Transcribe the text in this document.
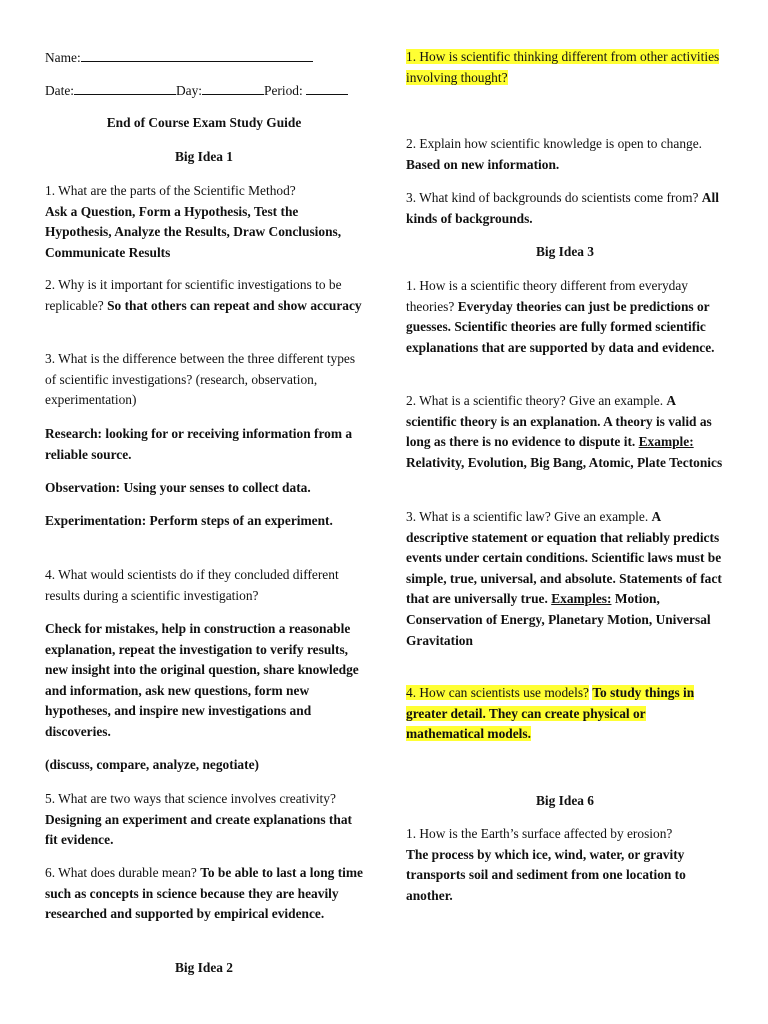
Name:
Date:	Day:	Period:
End of Course Exam Study Guide
Big Idea 1
1. What are the parts of the Scientific Method?
Ask a Question, Form a Hypothesis, Test the Hypothesis, Analyze the Results, Draw Conclusions, Communicate Results
2. Why is it important for scientific investigations to be replicable? So that others can repeat and show accuracy
3. What is the difference between the three different types of scientific investigations? (research, observation, experimentation)
Research: looking for or receiving information from a reliable source.
Observation: Using your senses to collect data.
Experimentation: Perform steps of an experiment.
4. What would scientists do if they concluded different results during a scientific investigation?
Check for mistakes, help in construction a reasonable explanation, repeat the investigation to verify results, new insight into the original question, share knowledge and information, ask new questions, form new hypotheses, and inspire new investigations and discoveries.
(discuss, compare, analyze, negotiate)
5. What are two ways that science involves creativity? Designing an experiment and create explanations that fit evidence.
6. What does durable mean? To be able to last a long time such as concepts in science because they are heavily researched and supported by empirical evidence.
Big Idea 2
1. How is scientific thinking different from other activities involving thought?
2. Explain how scientific knowledge is open to change. Based on new information.
3. What kind of backgrounds do scientists come from? All kinds of backgrounds.
Big Idea 3
1. How is a scientific theory different from everyday theories? Everyday theories can just be predictions or guesses. Scientific theories are fully formed scientific explanations that are supported by data and evidence.
2. What is a scientific theory? Give an example. A scientific theory is an explanation. A theory is valid as long as there is no evidence to dispute it. Example: Relativity, Evolution, Big Bang, Atomic, Plate Tectonics
3. What is a scientific law? Give an example. A descriptive statement or equation that reliably predicts events under certain conditions. Scientific laws must be simple, true, universal, and absolute. Statements of fact that are universally true. Examples: Motion, Conservation of Energy, Planetary Motion, Universal Gravitation
4. How can scientists use models? To study things in greater detail. They can create physical or mathematical models.
Big Idea 6
1. How is the Earth’s surface affected by erosion?
The process by which ice, wind, water, or gravity transports soil and sediment from one location to another.
